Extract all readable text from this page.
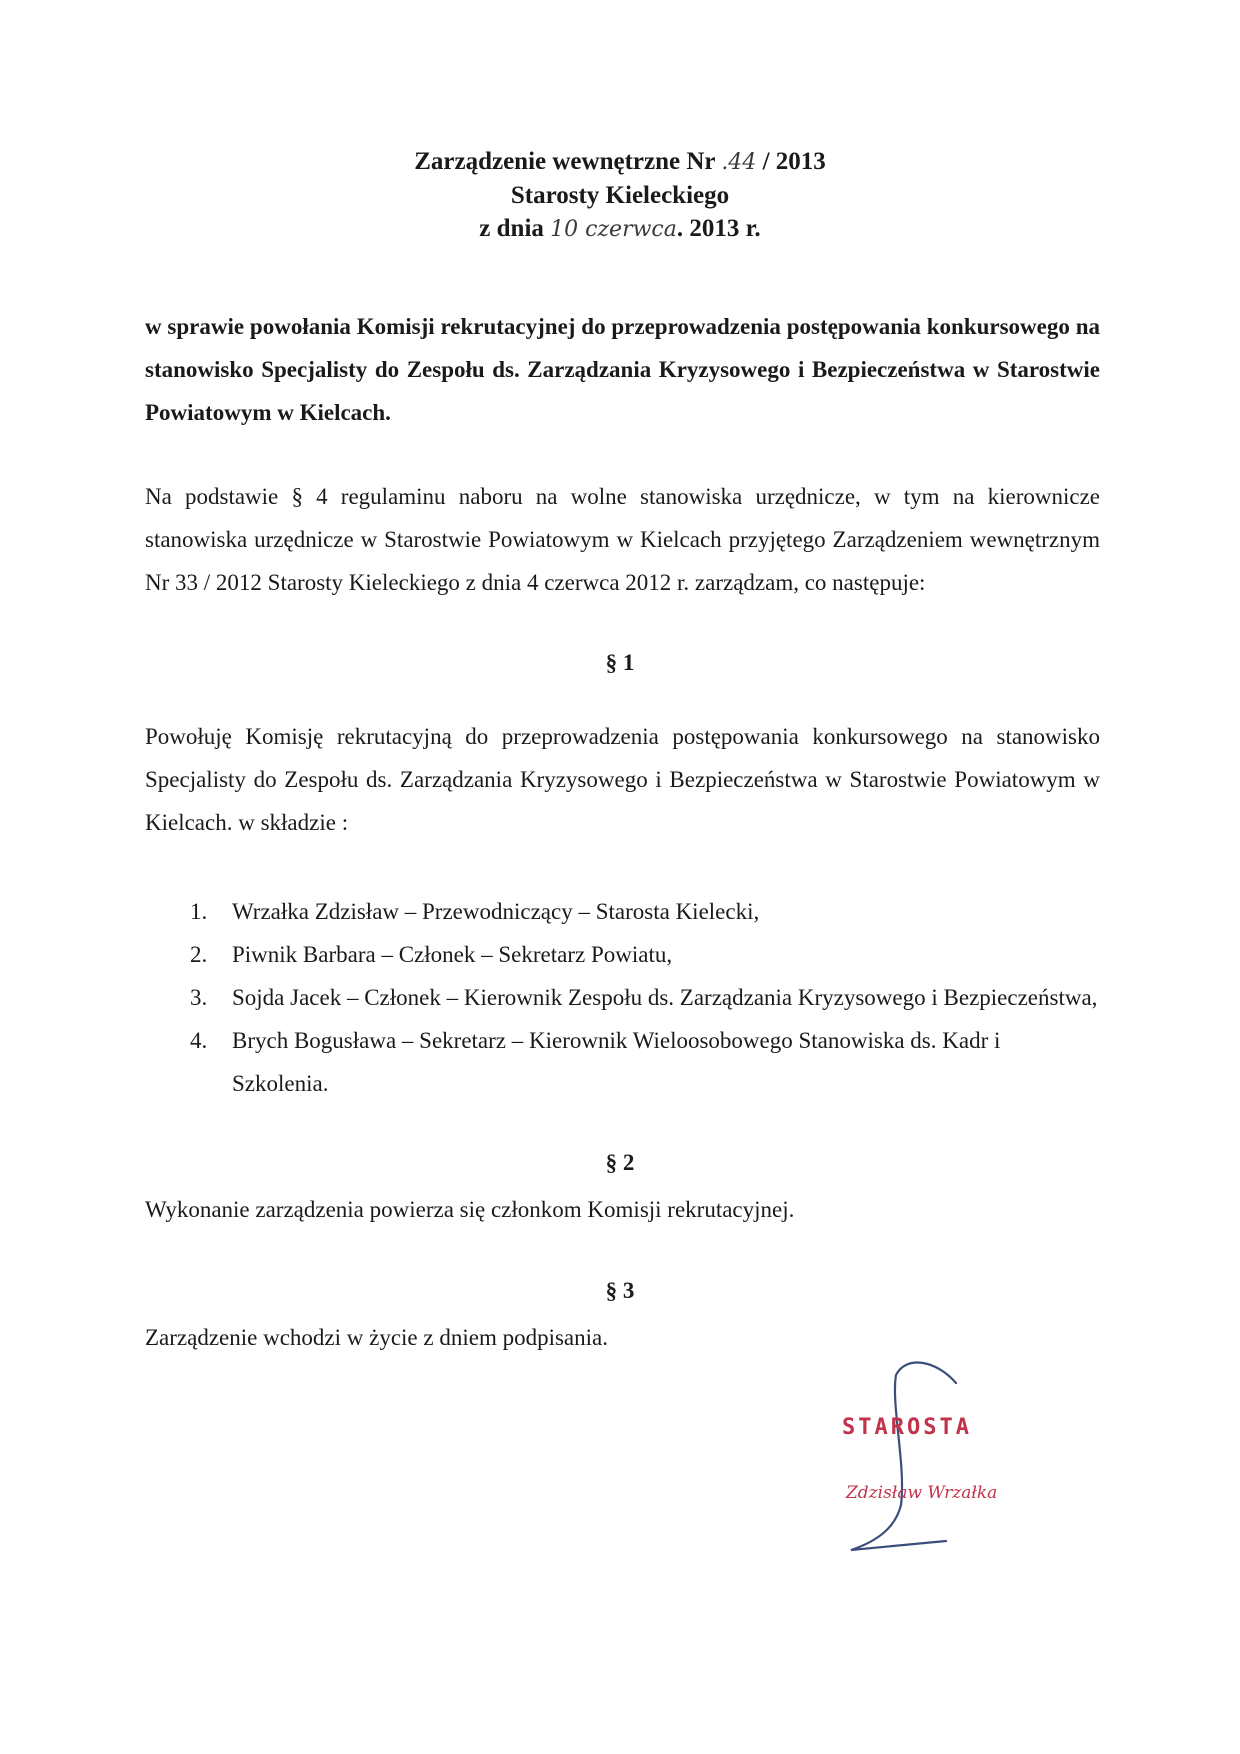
Zarządzenie wewnętrzne Nr .44 / 2013
Starosty Kieleckiego
z dnia 10 czerwca. 2013 r.
w sprawie powołania Komisji rekrutacyjnej do przeprowadzenia postępowania konkursowego na stanowisko Specjalisty do Zespołu ds. Zarządzania Kryzysowego i Bezpieczeństwa w Starostwie Powiatowym w Kielcach.
Na podstawie § 4 regulaminu naboru na wolne stanowiska urzędnicze, w tym na kierownicze stanowiska urzędnicze w Starostwie Powiatowym w Kielcach przyjętego Zarządzeniem wewnętrznym Nr 33 / 2012 Starosty Kieleckiego z dnia 4 czerwca 2012 r. zarządzam, co następuje:
§ 1
Powołuję Komisję rekrutacyjną do przeprowadzenia postępowania konkursowego na stanowisko Specjalisty do Zespołu ds. Zarządzania Kryzysowego i Bezpieczeństwa w Starostwie Powiatowym w Kielcach. w składzie :
1. Wrzałka Zdzisław – Przewodniczący – Starosta Kielecki,
2. Piwnik Barbara – Członek – Sekretarz Powiatu,
3. Sojda Jacek – Członek – Kierownik Zespołu ds. Zarządzania Kryzysowego i Bezpieczeństwa,
4. Brych Bogusława – Sekretarz – Kierownik Wieloosobowego Stanowiska ds. Kadr i Szkolenia.
§ 2
Wykonanie zarządzenia powierza się członkom Komisji rekrutacyjnej.
§ 3
Zarządzenie wchodzi w życie z dniem podpisania.
STAROSTA
Zdzisław Wrzałka
